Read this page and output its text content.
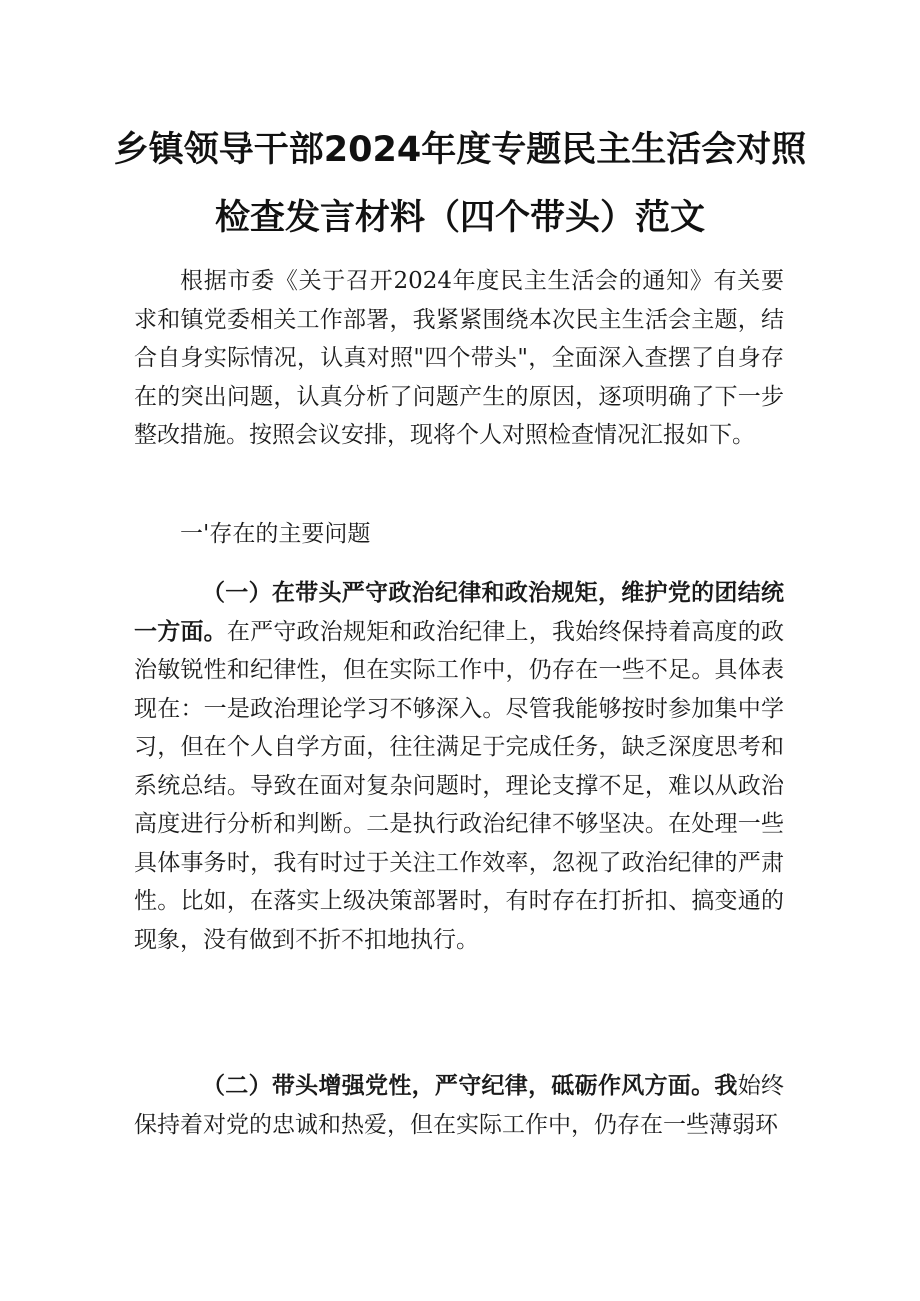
乡镇领导干部2024年度专题民主生活会对照
检查发言材料（四个带头）范文

根据市委《关于召开2024年度民主生活会的通知》有关要求和镇党委相关工作部署，我紧紧围绕本次民主生活会主题，结合自身实际情况，认真对照"四个带头"，全面深入查摆了自身存在的突出问题，认真分析了问题产生的原因，逐项明确了下一步整改措施。按照会议安排，现将个人对照检查情况汇报如下。

一'存在的主要问题

（一）在带头严守政治纪律和政治规矩，维护党的团结统一方面。在严守政治规矩和政治纪律上，我始终保持着高度的政治敏锐性和纪律性，但在实际工作中，仍存在一些不足。具体表现在：一是政治理论学习不够深入。尽管我能够按时参加集中学习，但在个人自学方面，往往满足于完成任务，缺乏深度思考和系统总结。导致在面对复杂问题时，理论支撑不足，难以从政治高度进行分析和判断。二是执行政治纪律不够坚决。在处理一些具体事务时，我有时过于关注工作效率，忽视了政治纪律的严肃性。比如，在落实上级决策部署时，有时存在打折扣、搞变通的现象，没有做到不折不扣地执行。

（二）带头增强党性，严守纪律，砥砺作风方面。我始终保持着对党的忠诚和热爱，但在实际工作中，仍存在一些薄弱环
